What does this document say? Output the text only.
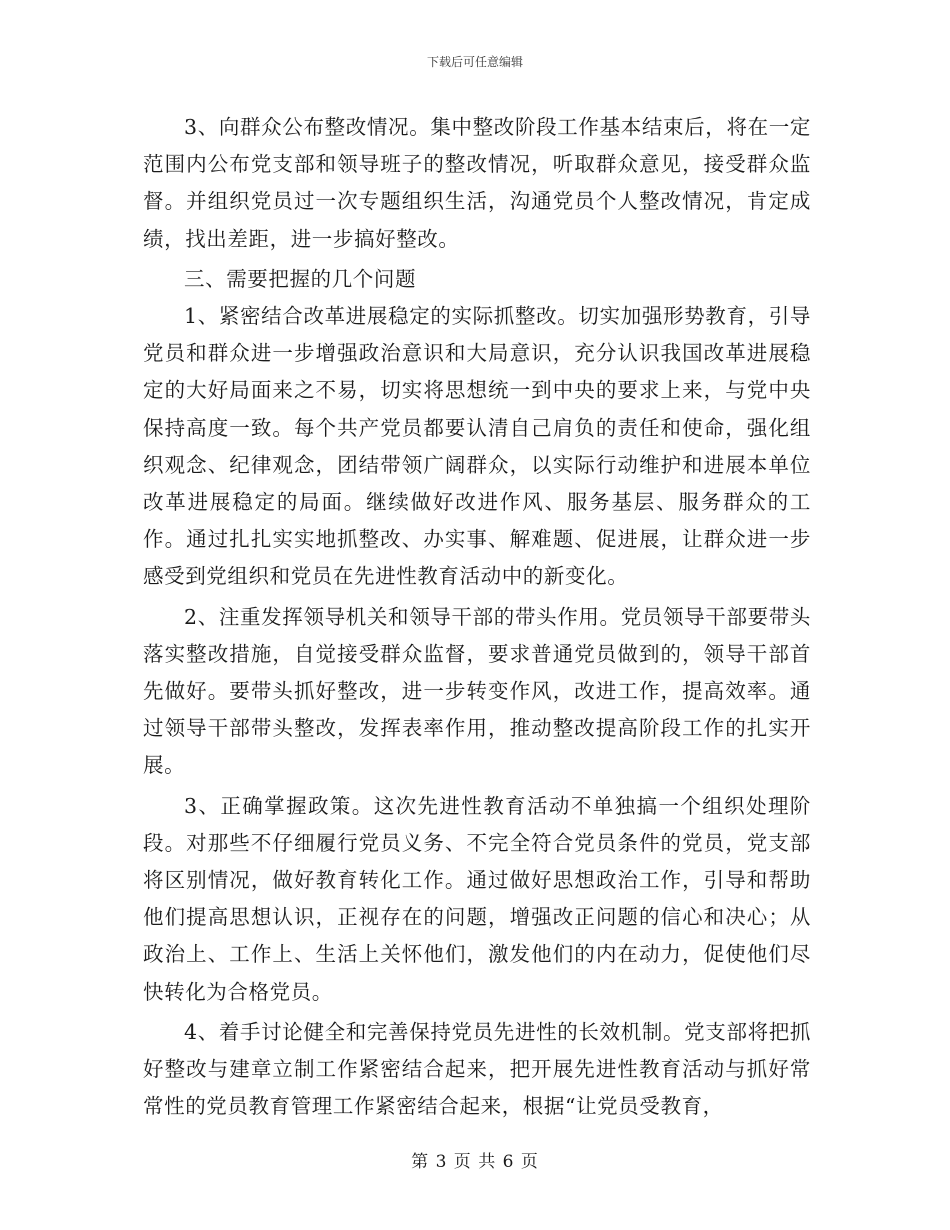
下载后可任意编辑

3、向群众公布整改情况。集中整改阶段工作基本结束后，将在一定范围内公布党支部和领导班子的整改情况，听取群众意见，接受群众监督。并组织党员过一次专题组织生活，沟通党员个人整改情况，肯定成绩，找出差距，进一步搞好整改。

三、需要把握的几个问题

1、紧密结合改革进展稳定的实际抓整改。切实加强形势教育，引导党员和群众进一步增强政治意识和大局意识，充分认识我国改革进展稳定的大好局面来之不易，切实将思想统一到中央的要求上来，与党中央保持高度一致。每个共产党员都要认清自己肩负的责任和使命，强化组织观念、纪律观念，团结带领广阔群众，以实际行动维护和进展本单位改革进展稳定的局面。继续做好改进作风、服务基层、服务群众的工作。通过扎扎实实地抓整改、办实事、解难题、促进展，让群众进一步感受到党组织和党员在先进性教育活动中的新变化。

2、注重发挥领导机关和领导干部的带头作用。党员领导干部要带头落实整改措施，自觉接受群众监督，要求普通党员做到的，领导干部首先做好。要带头抓好整改，进一步转变作风，改进工作，提高效率。通过领导干部带头整改，发挥表率作用，推动整改提高阶段工作的扎实开展。

3、正确掌握政策。这次先进性教育活动不单独搞一个组织处理阶段。对那些不仔细履行党员义务、不完全符合党员条件的党员，党支部将区别情况，做好教育转化工作。通过做好思想政治工作，引导和帮助他们提高思想认识，正视存在的问题，增强改正问题的信心和决心；从政治上、工作上、生活上关怀他们，激发他们的内在动力，促使他们尽快转化为合格党员。

4、着手讨论健全和完善保持党员先进性的长效机制。党支部将把抓好整改与建章立制工作紧密结合起来，把开展先进性教育活动与抓好常常性的党员教育管理工作紧密结合起来，根据“让党员受教育，

第 3 页 共 6 页
